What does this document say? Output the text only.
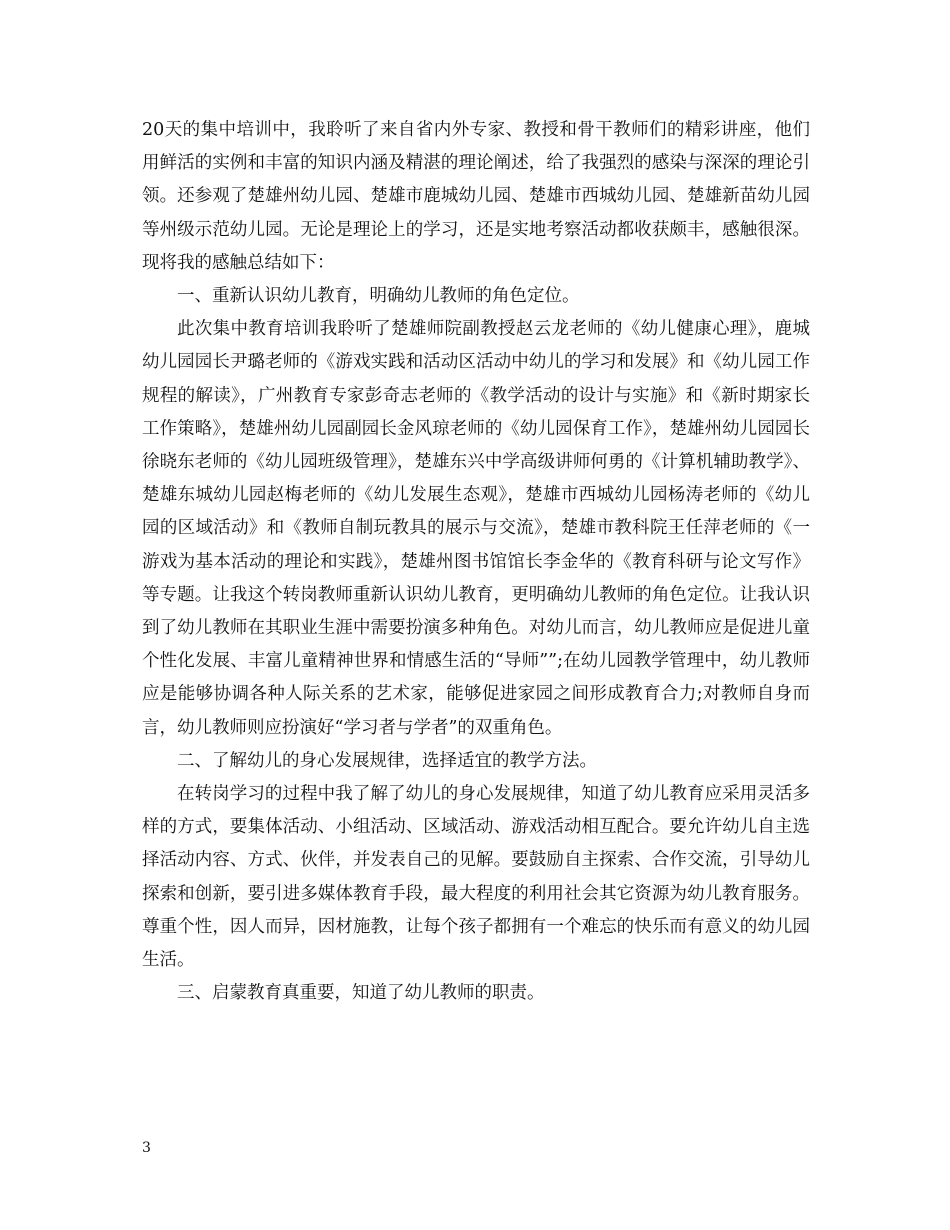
20天的集中培训中，我聆听了来自省内外专家、教授和骨干教师们的精彩讲座，他们用鲜活的实例和丰富的知识内涵及精湛的理论阐述，给了我强烈的感染与深深的理论引领。还参观了楚雄州幼儿园、楚雄市鹿城幼儿园、楚雄市西城幼儿园、楚雄新苗幼儿园等州级示范幼儿园。无论是理论上的学习，还是实地考察活动都收获颇丰，感触很深。现将我的感触总结如下：

一、重新认识幼儿教育，明确幼儿教师的角色定位。

此次集中教育培训我聆听了楚雄师院副教授赵云龙老师的《幼儿健康心理》，鹿城幼儿园园长尹璐老师的《游戏实践和活动区活动中幼儿的学习和发展》和《幼儿园工作规程的解读》，广州教育专家彭奇志老师的《教学活动的设计与实施》和《新时期家长工作策略》，楚雄州幼儿园副园长金风琼老师的《幼儿园保育工作》，楚雄州幼儿园园长徐晓东老师的《幼儿园班级管理》，楚雄东兴中学高级讲师何勇的《计算机辅助教学》、楚雄东城幼儿园赵梅老师的《幼儿发展生态观》，楚雄市西城幼儿园杨涛老师的《幼儿园的区域活动》和《教师自制玩教具的展示与交流》，楚雄市教科院王任萍老师的《一游戏为基本活动的理论和实践》，楚雄州图书馆馆长李金华的《教育科研与论文写作》等专题。让我这个转岗教师重新认识幼儿教育，更明确幼儿教师的角色定位。让我认识到了幼儿教师在其职业生涯中需要扮演多种角色。对幼儿而言，幼儿教师应是促进儿童个性化发展、丰富儿童精神世界和情感生活的“导师””;在幼儿园教学管理中，幼儿教师应是能够协调各种人际关系的艺术家，能够促进家园之间形成教育合力;对教师自身而言，幼儿教师则应扮演好“学习者与学者”的双重角色。

二、了解幼儿的身心发展规律，选择适宜的教学方法。

在转岗学习的过程中我了解了幼儿的身心发展规律，知道了幼儿教育应采用灵活多样的方式，要集体活动、小组活动、区域活动、游戏活动相互配合。要允许幼儿自主选择活动内容、方式、伙伴，并发表自己的见解。要鼓励自主探索、合作交流，引导幼儿探索和创新，要引进多媒体教育手段，最大程度的利用社会其它资源为幼儿教育服务。尊重个性，因人而异，因材施教，让每个孩子都拥有一个难忘的快乐而有意义的幼儿园生活。

三、启蒙教育真重要，知道了幼儿教师的职责。

3
